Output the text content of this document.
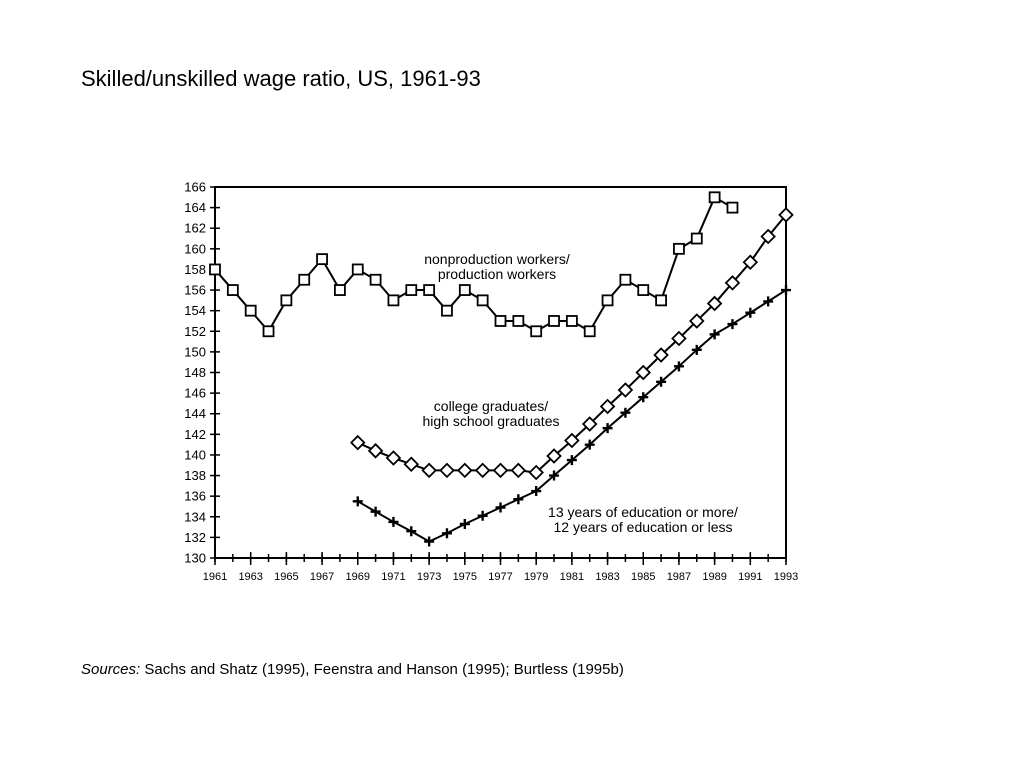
Skilled/unskilled wage ratio, US, 1961-93
130
132
134
136
138
140
142
144
146
148
150
152
154
156
158
160
162
164
166
1961 1963 1965 1967 1969 1971 1973 1975 1977 1979 1981 1983 1985 1987 1989 1991 1993
nonproduction workers/ production workers
college graduates/ high school graduates
13 years of education or more/ 12 years of education or less
Sources: Sachs and Shatz (1995), Feenstra and Hanson (1995); Burtless (1995b)
